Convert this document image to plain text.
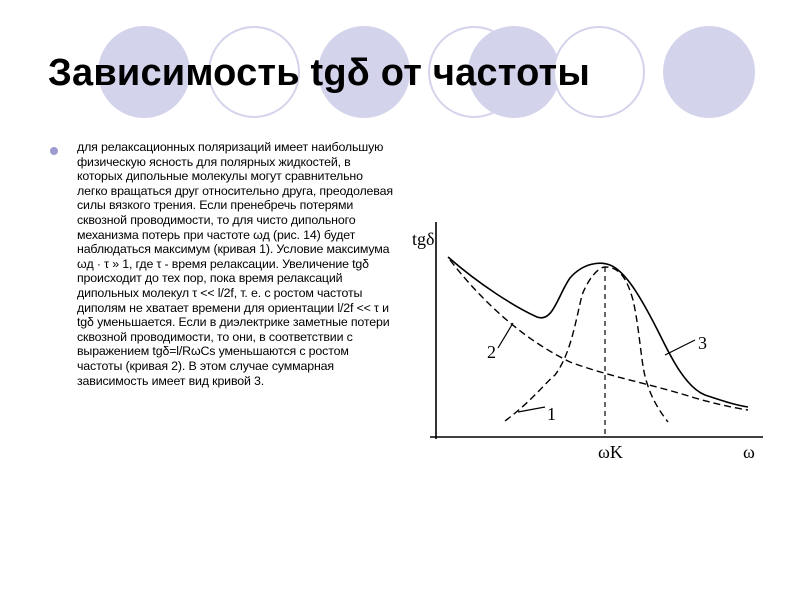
Зависимость tgδ от частоты

для релаксационных поляризаций имеет наибольшую физическую ясность для полярных жидкостей, в которых дипольные молекулы могут сравнительно легко вращаться друг относительно друга, преодолевая силы вязкого трения. Если пренебречь потерями сквозной проводимости, то для чисто дипольного механизма потерь при частоте ωд (рис. 14) будет наблюдаться максимум (кривая 1). Условие максимума ωд · τ » 1, где τ - время релаксации. Увеличение tgδ происходит до тех пор, пока время релаксаций дипольных молекул τ << l/2f, т. е. с ростом частоты диполям не хватает времени для ориентации l/2f << τ и tgδ уменьшается. Если в диэлектрике заметные потери сквозной проводимости, то они, в соответствии с выражением tgδ=l/RωCs уменьшаются с ростом частоты (кривая 2). В этом случае суммарная зависимость имеет вид кривой 3.

tgδ
ω
ωK
1
2	3
